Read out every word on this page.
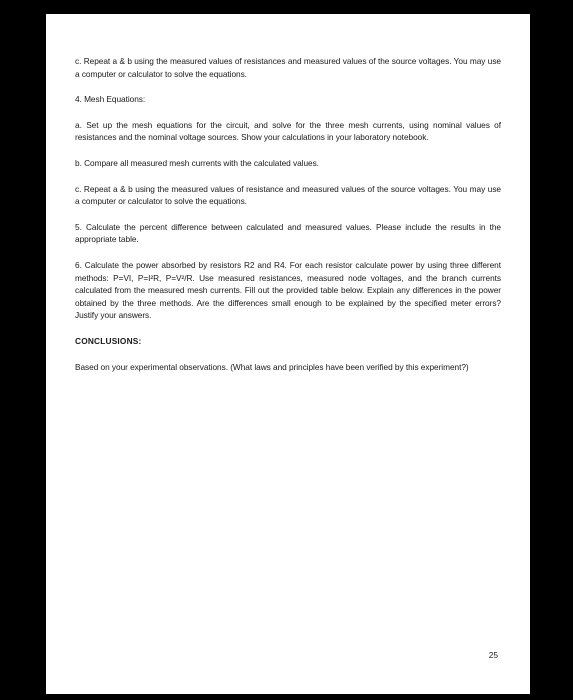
c. Repeat a & b using the measured values of resistances and measured values of the source voltages. You may use a computer or calculator to solve the equations.

4. Mesh Equations:

a. Set up the mesh equations for the circuit, and solve for the three mesh currents, using nominal values of resistances and the nominal voltage sources. Show your calculations in your laboratory notebook.

b. Compare all measured mesh currents with the calculated values.

c. Repeat a & b using the measured values of resistance and measured values of the source voltages. You may use a computer or calculator to solve the equations.

5. Calculate the percent difference between calculated and measured values. Please include the results in the appropriate table.

6. Calculate the power absorbed by resistors R2 and R4. For each resistor calculate power by using three different methods: P=VI, P=I²R, P=V²/R. Use measured resistances, measured node voltages, and the branch currents calculated from the measured mesh currents. Fill out the provided table below. Explain any differences in the power obtained by the three methods. Are the differences small enough to be explained by the specified meter errors? Justify your answers.

CONCLUSIONS:

Based on your experimental observations. (What laws and principles have been verified by this experiment?)

25
